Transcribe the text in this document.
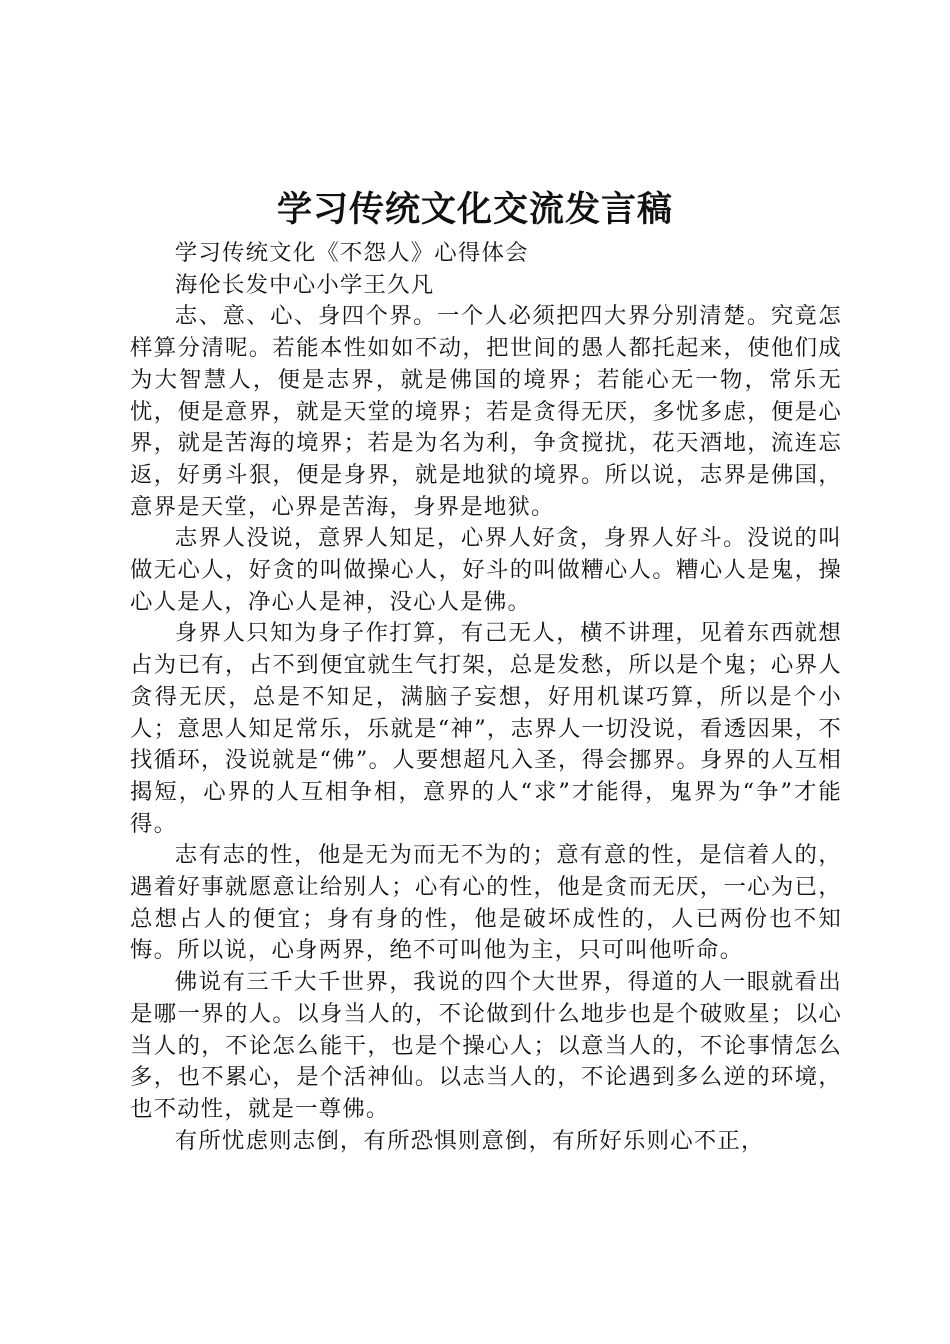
学习传统文化交流发言稿

学习传统文化《不怨人》心得体会

海伦长发中心小学王久凡

志、意、心、身四个界。一个人必须把四大界分别清楚。究竟怎样算分清呢。若能本性如如不动，把世间的愚人都托起来，使他们成为大智慧人，便是志界，就是佛国的境界；若能心无一物，常乐无忧，便是意界，就是天堂的境界；若是贪得无厌，多忧多虑，便是心界，就是苦海的境界；若是为名为利，争贪搅扰，花天酒地，流连忘返，好勇斗狠，便是身界，就是地狱的境界。所以说，志界是佛国，意界是天堂，心界是苦海，身界是地狱。

志界人没说，意界人知足，心界人好贪，身界人好斗。没说的叫做无心人，好贪的叫做操心人，好斗的叫做糟心人。糟心人是鬼，操心人是人，净心人是神，没心人是佛。

身界人只知为身子作打算，有己无人，横不讲理，见着东西就想占为已有，占不到便宜就生气打架，总是发愁，所以是个鬼；心界人贪得无厌，总是不知足，满脑子妄想，好用机谋巧算，所以是个小人；意思人知足常乐，乐就是“神”，志界人一切没说，看透因果，不找循环，没说就是“佛”。人要想超凡入圣，得会挪界。身界的人互相揭短，心界的人互相争相，意界的人“求”才能得，鬼界为“争”才能得。

志有志的性，他是无为而无不为的；意有意的性，是信着人的，遇着好事就愿意让给别人；心有心的性，他是贪而无厌，一心为已，总想占人的便宜；身有身的性，他是破坏成性的，人已两份也不知悔。所以说，心身两界，绝不可叫他为主，只可叫他听命。

佛说有三千大千世界，我说的四个大世界，得道的人一眼就看出是哪一界的人。以身当人的，不论做到什么地步也是个破败星；以心当人的，不论怎么能干，也是个操心人；以意当人的，不论事情怎么多，也不累心，是个活神仙。以志当人的，不论遇到多么逆的环境，也不动性，就是一尊佛。

有所忧虑则志倒，有所恐惧则意倒，有所好乐则心不正，
